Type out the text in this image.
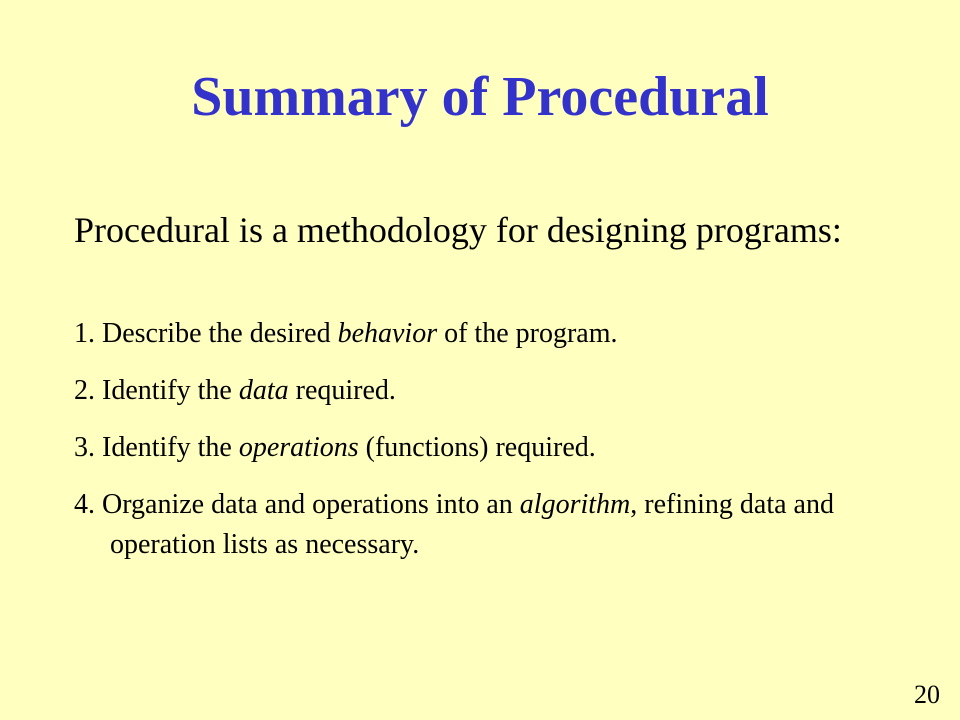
Summary of Procedural
Procedural is a methodology for designing programs:
1. Describe the desired behavior of the program.
2. Identify the data required.
3. Identify the operations (functions) required.
4. Organize data and operations into an algorithm, refining data and operation lists as necessary.
20
